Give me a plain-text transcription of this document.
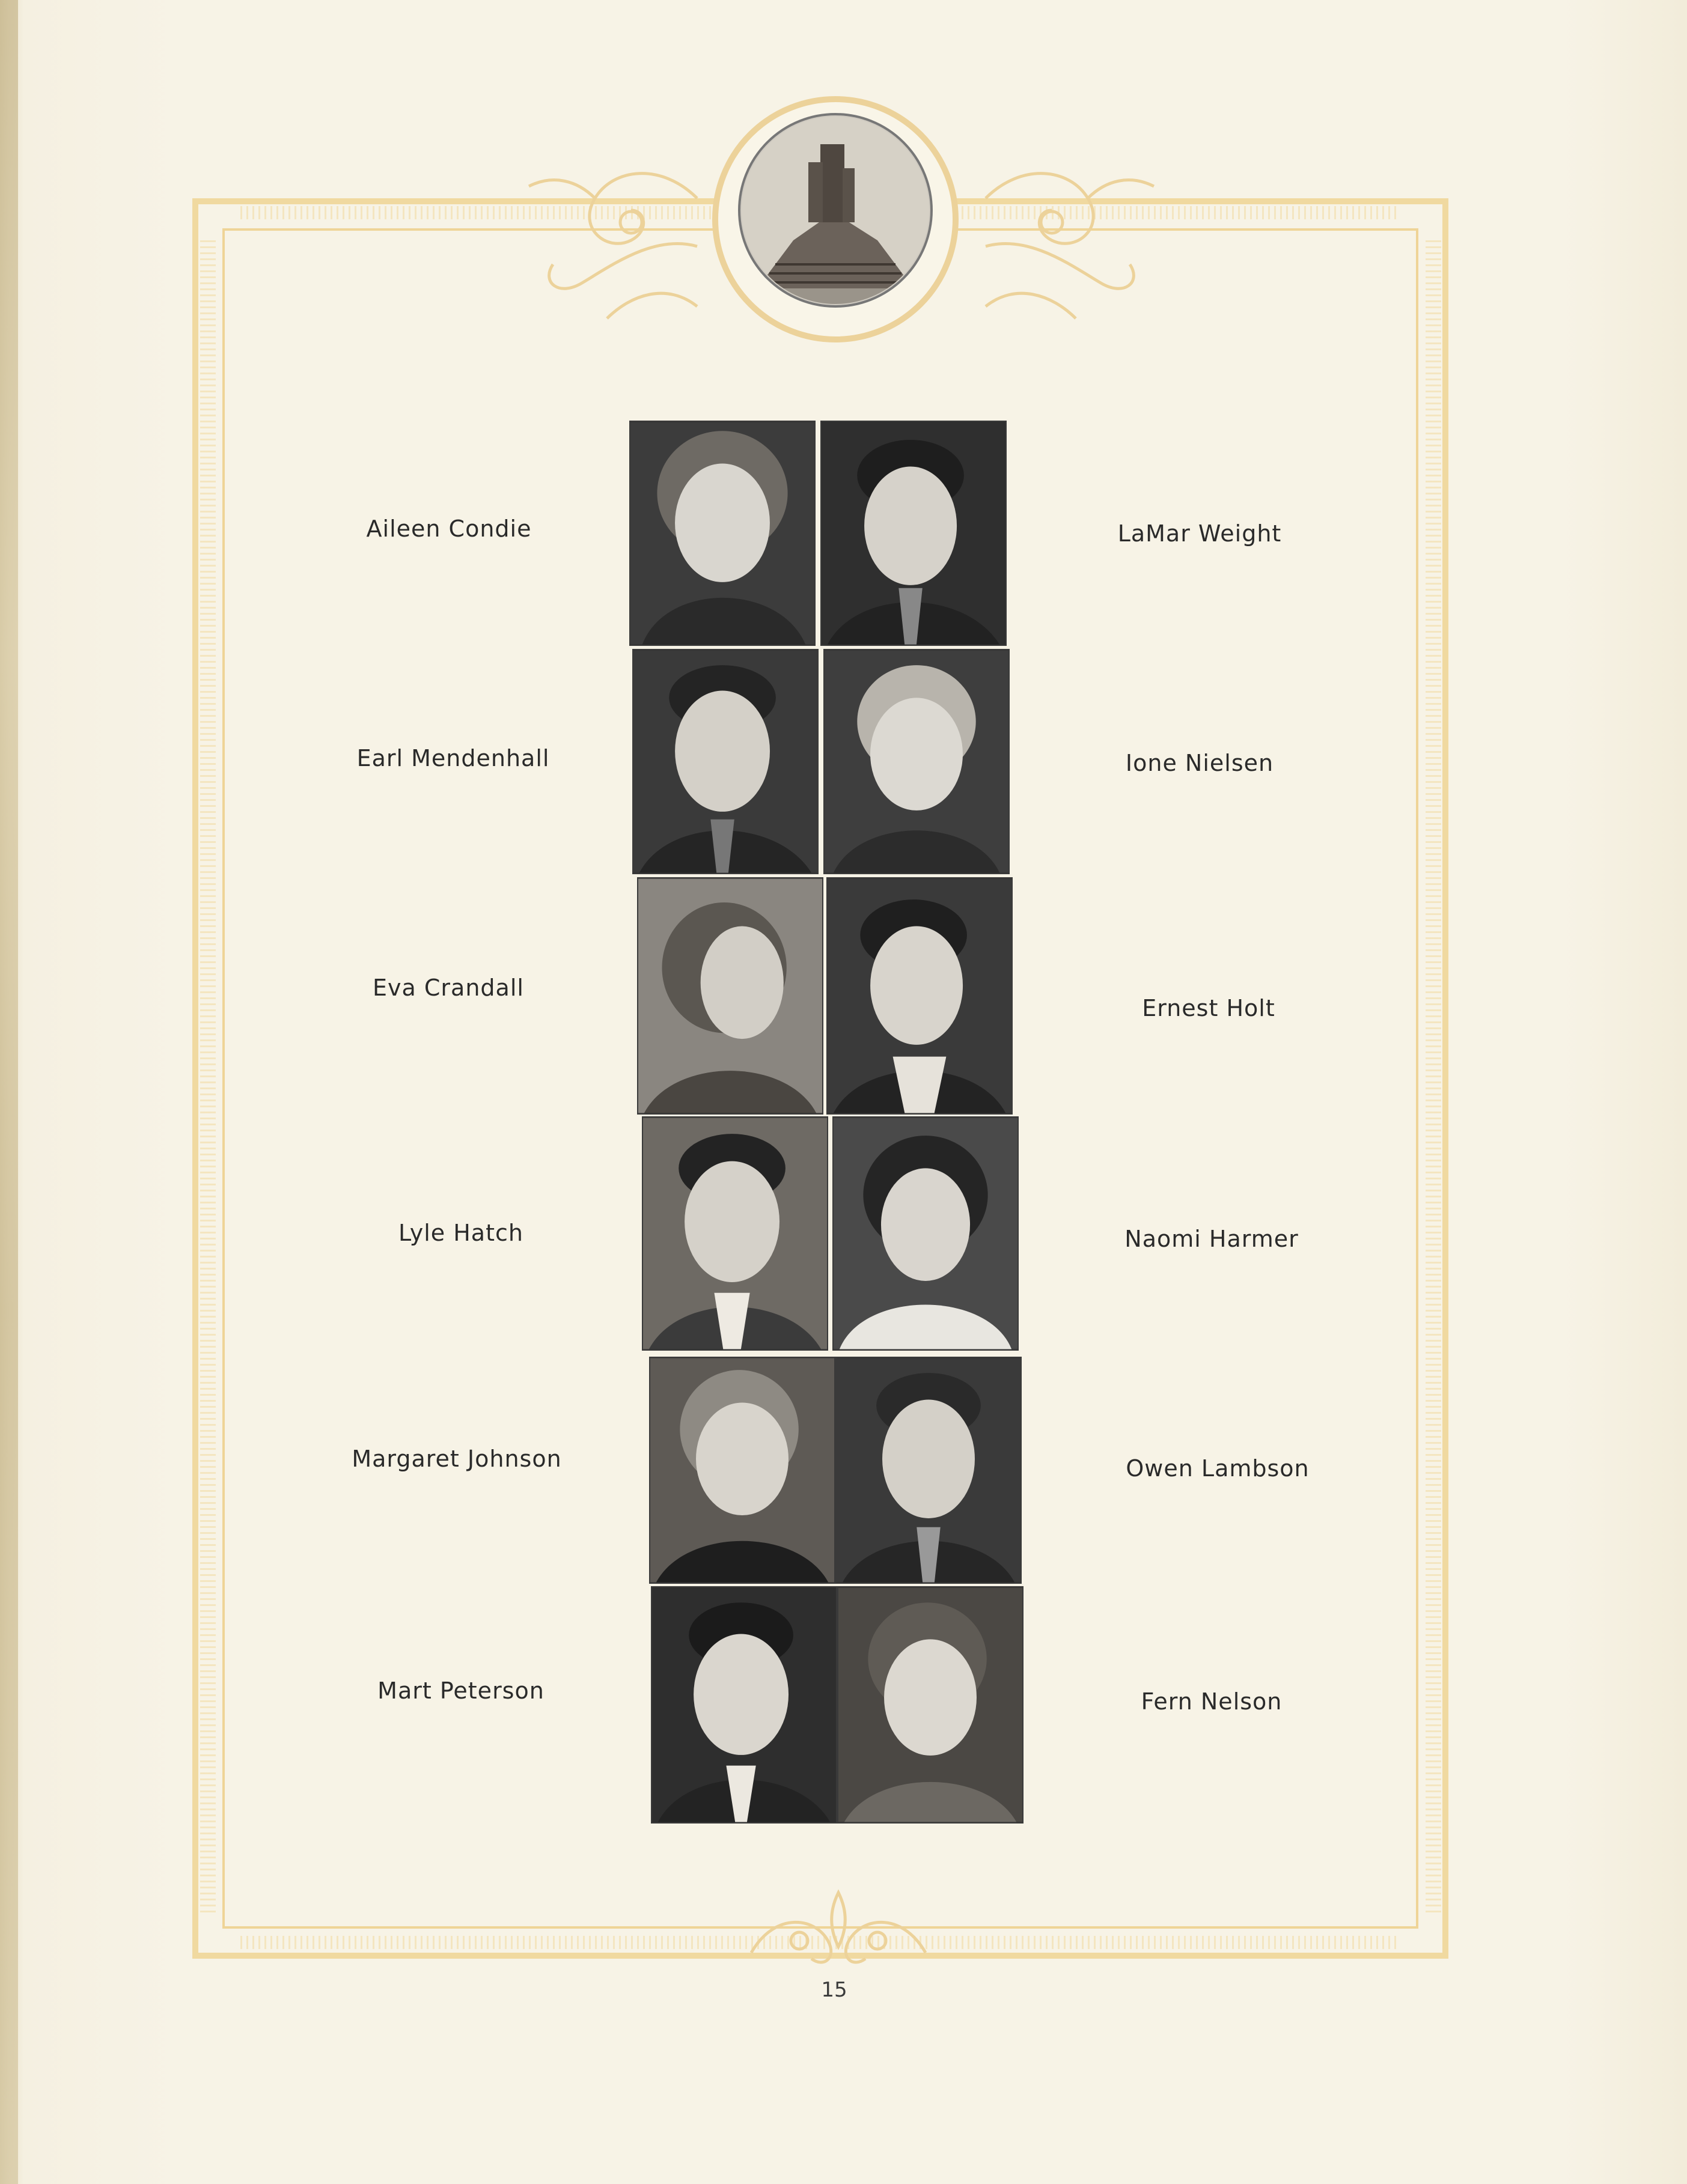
Aileen Condie
Earl Mendenhall
Eva Crandall
Lyle Hatch
Margaret Johnson
Mart Peterson
LaMar Weight
Ione Nielsen
Ernest Holt
Naomi Harmer
Owen Lambson
Fern Nelson
15
